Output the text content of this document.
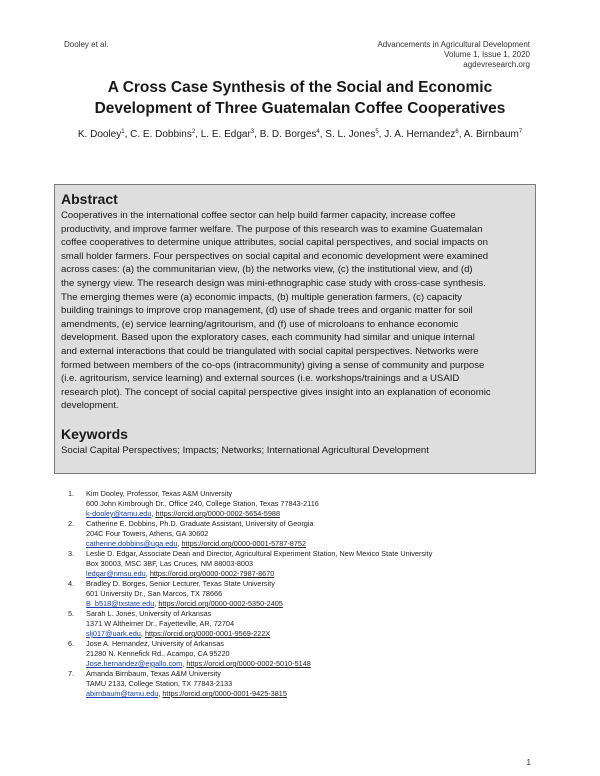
Dooley et al.	Advancements in Agricultural Development
Volume 1, Issue 1, 2020
agdevresearch.org
A Cross Case Synthesis of the Social and Economic
Development of Three Guatemalan Coffee Cooperatives
K. Dooley$^1$, C. E. Dobbins$^2$, L. E. Edgar$^3$, B. D. Borges$^4$, S. L. Jones$^5$, J. A. Hernandez$^6$, A. Birnbaum$^7$
Abstract
Cooperatives in the international coffee sector can help build farmer capacity, increase coffee
productivity, and improve farmer welfare. The purpose of this research was to examine Guatemalan
coffee cooperatives to determine unique attributes, social capital perspectives, and social impacts on
small holder farmers. Four perspectives on social capital and economic development were examined
across cases: (a) the communitarian view, (b) the networks view, (c) the institutional view, and (d)
the synergy view. The research design was mini-ethnographic case study with cross-case synthesis.
The emerging themes were (a) economic impacts, (b) multiple generation farmers, (c) capacity
building trainings to improve crop management, (d) use of shade trees and organic matter for soil
amendments, (e) service learning/agritourism, and (f) use of microloans to enhance economic
development. Based upon the exploratory cases, each community had similar and unique internal
and external interactions that could be triangulated with social capital perspectives. Networks were
formed between members of the co-ops (intracommunity) giving a sense of community and purpose
(i.e. agritourism, service learning) and external sources (i.e. workshops/trainings and a USAID
research plot). The concept of social capital perspective gives insight into an explanation of economic
development.
Keywords
Social Capital Perspectives; Impacts; Networks; International Agricultural Development
1.	Kim Dooley, Professor, Texas A&M University
600 John Kimbrough Dr., Office 240, College Station, Texas 77843-2116
k-dooley@tamu.edu, https://orcid.org/0000-0002-5654-5988
2.	Catherine E. Dobbins, Ph.D. Graduate Assistant, University of Georgia
204C Four Towers, Athens, GA 30602
catherine.dobbins@uga.edu, https://orcid.org/0000-0001-5787-8752
3.	Leslie D. Edgar, Associate Dean and Director, Agricultural Experiment Station, New Mexico State University
Box 30003, MSC 3BF, Las Cruces, NM 88003-8003
ledgar@nmsu.edu, https://orcid.org/0000-0002-7987-8670
4.	Bradley D. Borges, Senior Lecturer, Texas State University
601 University Dr., San Marcos, TX 78666
B_b518@txstate.edu, https://orcid.org/0000-0002-5350-2405
5.	Sarah L. Jones, University of Arkansas
1371 W Altheimer Dr., Fayetteville, AR, 72704
slj017@uark.edu, https://orcid.org/0000-0001-9569-222X
6.	Jose A. Hernandez, University of Arkansas
21280 N. Kennefick Rd., Acampo, CA 95220
Jose.hernandez@ejgallo.com, https://orcid.org/0000-0002-5010-5148
7.	Amanda Birnbaum, Texas A&M University
TAMU 2133, College Station, TX 77843-2133
abirnbaum@tamu.edu, https://orcid.org/0000-0001-9425-3815
1
